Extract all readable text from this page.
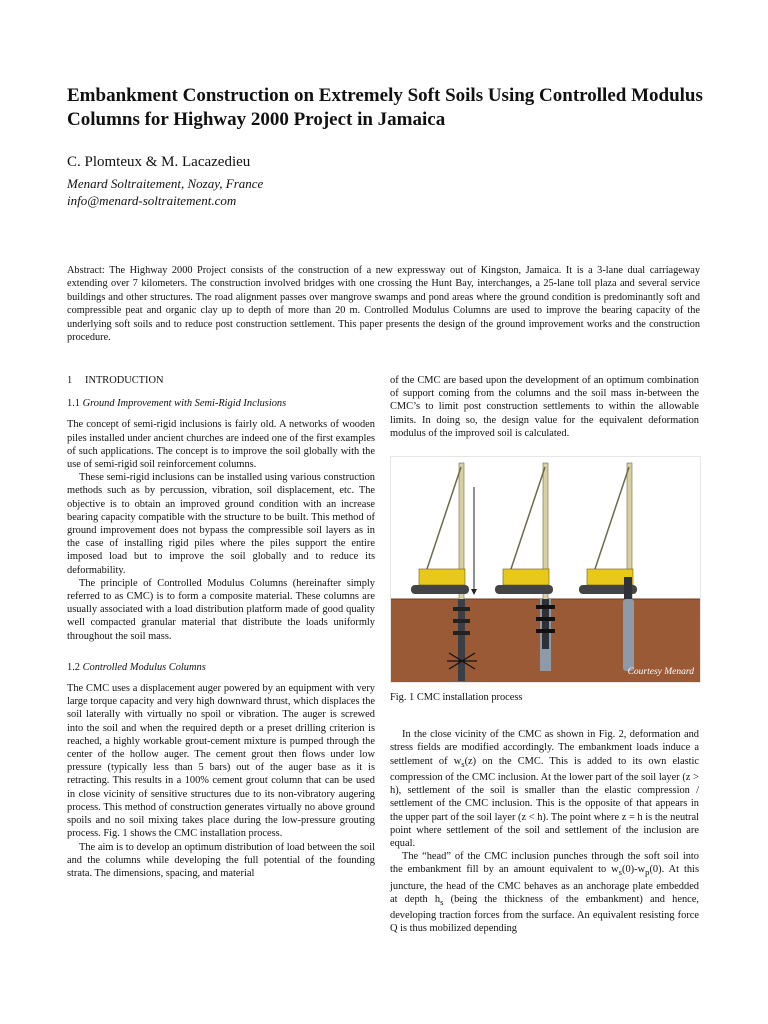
Embankment Construction on Extremely Soft Soils Using Controlled Modulus Columns for Highway 2000 Project in Jamaica
C. Plomteux & M. Lacazedieu
Menard Soltraitement, Nozay, France
info@menard-soltraitement.com

Abstract: The Highway 2000 Project consists of the construction of a new expressway out of Kingston, Jamaica. It is a 3-lane dual carriageway extending over 7 kilometers. The construction involved bridges with one crossing the Hunt Bay, interchanges, a 25-lane toll plaza and several service buildings and other structures. The road alignment passes over mangrove swamps and pond areas where the ground condition is predominantly soft and compressible peat and organic clay up to depth of more than 20 m. Controlled Modulus Columns are used to improve the bearing capacity of the underlying soft soils and to reduce post construction settlement. This paper presents the design of the ground improvement works and the construction procedure.

1 INTRODUCTION
1.1 Ground Improvement with Semi-Rigid Inclusions

The concept of semi-rigid inclusions is fairly old. A networks of wooden piles installed under ancient churches are indeed one of the first examples of such applications. The concept is to improve the soil globally with the use of semi-rigid soil reinforcement columns.

These semi-rigid inclusions can be installed using various construction methods such as by percussion, vibration, soil displacement, etc. The objective is to obtain an improved ground condition with an increase bearing capacity compatible with the structure to be built. This method of ground improvement does not bypass the compressible soil layers as in the case of installing rigid piles where the piles support the entire imposed load but to improve the soil globally and to reduce its deformability.

The principle of Controlled Modulus Columns (hereinafter simply referred to as CMC) is to form a composite material. These columns are usually associated with a load distribution platform made of good quality well compacted granular material that distribute the loads uniformly throughout the soil mass.

1.2 Controlled Modulus Columns

The CMC uses a displacement auger powered by an equipment with very large torque capacity and very high downward thrust, which displaces the soil laterally with virtually no spoil or vibration. The auger is screwed into the soil and when the required depth or a preset drilling criterion is reached, a highly workable grout-cement mixture is pumped through the center of the hollow auger. The cement grout then flows under low pressure (typically less than 5 bars) out of the auger base as it is retracting. This results in a 100% cement grout column that can be used in close vicinity of sensitive structures due to its non-vibratory augering process. This method of construction generates virtually no above ground spoils and no soil mixing takes place during the low-pressure grouting process. Fig. 1 shows the CMC installation process.

The aim is to develop an optimum distribution of load between the soil and the columns while developing the full potential of the founding strata. The dimensions, spacing, and material

of the CMC are based upon the development of an optimum combination of support coming from the columns and the soil mass in-between the CMC’s to limit post construction settlements to within the allowable limits. In doing so, the design value for the equivalent deformation modulus of the improved soil is calculated.

Courtesy Menard
Fig. 1 CMC installation process

In the close vicinity of the CMC as shown in Fig. 2, deformation and stress fields are modified accordingly. The embankment loads induce a settlement of $w_s(z)$ on the CMC. This is added to its own elastic compression of the CMC inclusion. At the lower part of the soil layer (z > h), settlement of the soil is smaller than the elastic compression / settlement of the CMC inclusion. This is the opposite of that appears in the upper part of the soil layer (z < h). The point where z = h is the neutral point where settlement of the soil and settlement of the inclusion are equal.

The “head” of the CMC inclusion punches through the soft soil into the embankment fill by an amount equivalent to $w_s(0)-w_p(0)$. At this juncture, the head of the CMC behaves as an anchorage plate embedded at depth $h_s$ (being the thickness of the embankment) and hence, developing traction forces from the surface. An equivalent resisting force Q is thus mobilized depending
